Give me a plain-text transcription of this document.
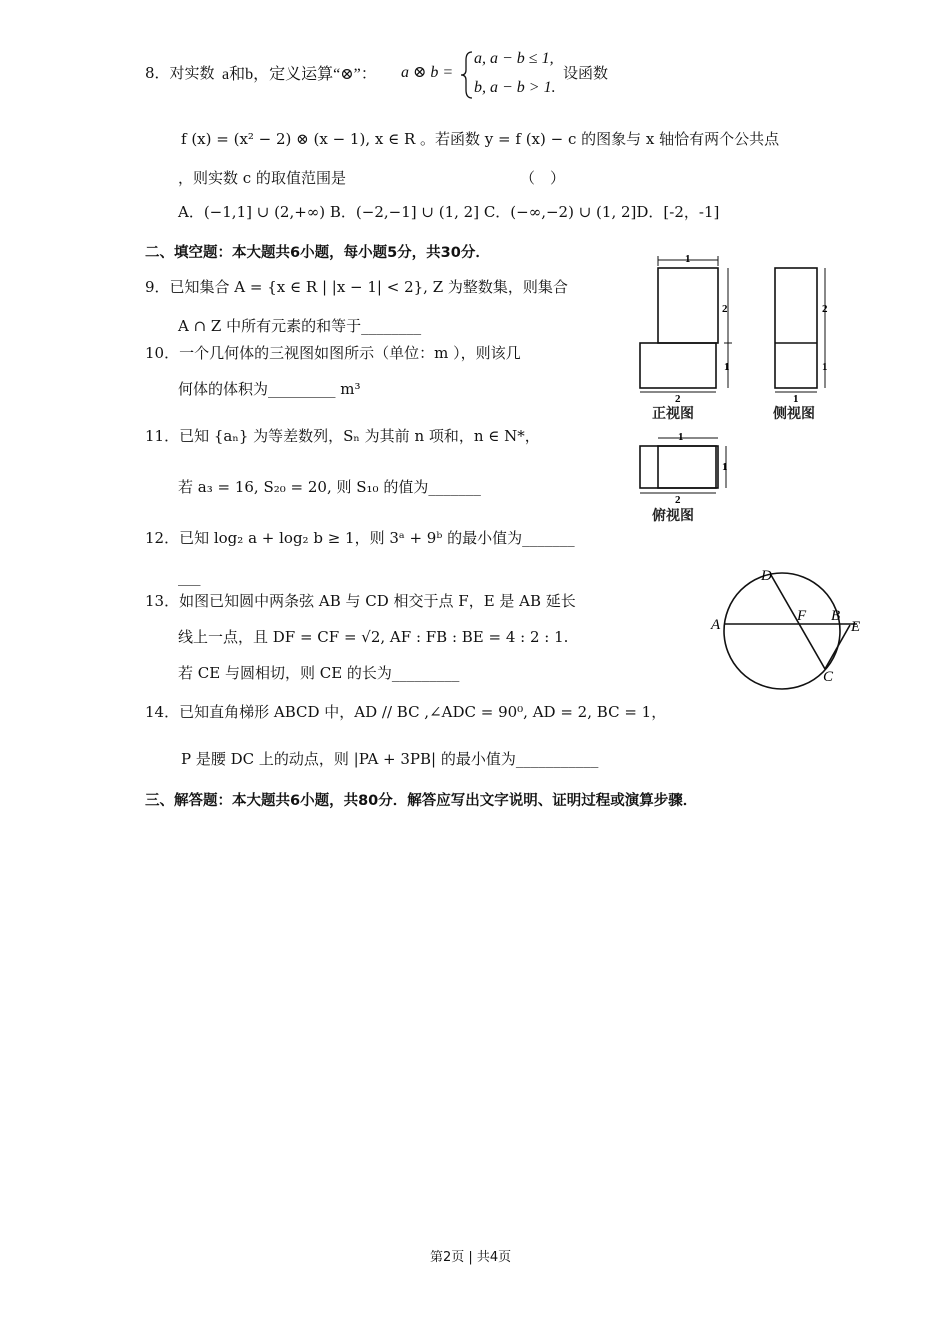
8．对实数 a和b，定义运算“⊗”： a ⊗ b =
a, a − b ≤ 1,
b, a − b > 1.
设函数
f (x) = (x² − 2) ⊗ (x − 1), x ∈ R 。若函数 y = f (x) − c 的图象与 x 轴恰有两个公共点
，则实数 c 的取值范围是	（　）
A．(−1,1] ∪ (2,+∞) B．(−2,−1] ∪ (1, 2] C．(−∞,−2) ∪ (1, 2]D．[-2，-1]
二、填空题：本大题共6小题，每小题5分，共30分．
9．已知集合 A = {x ∈ R | |x − 1| < 2}, Z 为整数集，则集合
A ∩ Z 中所有元素的和等于________
10．一个几何体的三视图如图所示（单位：m ），则该几
何体的体积为_________ m³
11．已知 {aₙ} 为等差数列，Sₙ 为其前 n 项和，n ∈ N*，
若 a₃ = 16, S₂₀ = 20, 则 S₁₀ 的值为_______
12．已知 log₂ a + log₂ b ≥ 1，则 3ᵃ + 9ᵇ 的最小值为_______
___
13．如图已知圆中两条弦 AB 与 CD 相交于点 F，E 是 AB 延长
线上一点，且 DF = CF = √2, AF : FB : BE = 4 : 2 : 1.
若 CE 与圆相切，则 CE 的长为_________
14．已知直角梯形 ABCD 中，AD // BC ,∠ADC = 90⁰, AD = 2, BC = 1，
P 是腰 DC 上的动点，则 |PA + 3PB| 的最小值为___________
三、解答题：本大题共6小题，共80分．解答应写出文字说明、证明过程或演算步骤．
1
2
1
2
正视图
2
1
1
侧视图
1
1
2
俯视图
A
D
F B
E
C
第2页 | 共4页
